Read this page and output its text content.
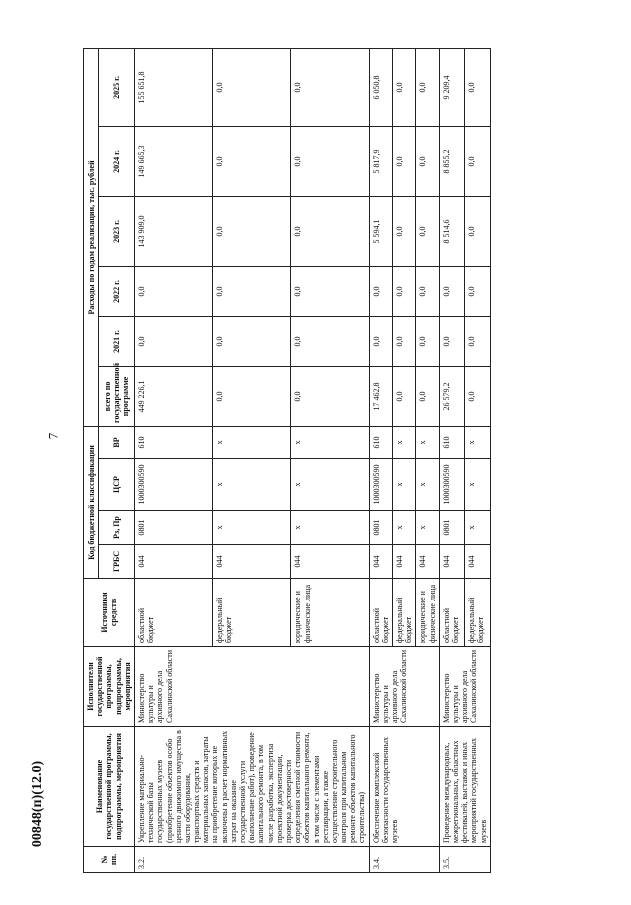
7
00848(п)(12.0)
№ пп.	Наименование государственной программы, подпрограммы, мероприятия	Исполнители государственной программы, подпрограммы, мероприятия	Источники средств	Код бюджетной классификации				Расходы по годам реализации, тыс. рублей					
				ГРБС	Рз, Пр	ЦСР	ВР	всего по государственной программе	2021 г.	2022 г.	2023 г.	2024 г.	2025 г.
3.2.	Укрепление материально-технической базы государственных музеев (приобретение объектов особо ценного движимого имущества в части оборудования, транспортных средств и материальных запасов, затраты на приобретение которых не включены в расчет нормативных затрат на оказание государственной услуги (выполнение работ), проведение капитального ремонта, в том числе разработка, экспертиза проектной документации, проверка достоверности определения сметной стоимости объектов капитального ремонта, в том числе с элементами реставрации, а также осуществление строительного контроля при капитальном ремонте объектов капитального строительства)	Министерство культуры и архивного дела Сахалинской области	областной бюджет	044	0801	1000300590	610	449 226,1	0,0	0,0	143 909,0	149 665,3	155 651,8
			федеральный бюджет	044	х	х	х	0,0	0,0	0,0	0,0	0,0	0,0
			юридические и физические лица	044	х	х	х	0,0	0,0	0,0	0,0	0,0	0,0
3.4.	Обеспечение комплексной безопасности государственных музеев	Министерство культуры и архивного дела Сахалинской области	областной бюджет	044	0801	1000300590	610	17 462,8	0,0	0,0	5 594,1	5 817,9	6 050,8
			федеральный бюджет	044	х	х	х	0,0	0,0	0,0	0,0	0,0	0,0
			юридические и физические лица	044	х	х	х	0,0	0,0	0,0	0,0	0,0	0,0
3.5.	Проведение международных, межрегиональных, областных фестивалей, выставок и иных мероприятий государственных музеев	Министерство культуры и архивного дела Сахалинской области	областной бюджет	044	0801	1000300590	610	26 579,2	0,0	0,0	8 514,6	8 855,2	9 209,4
			федеральный бюджет	044	х	х	х	0,0	0,0	0,0	0,0	0,0	0,0
